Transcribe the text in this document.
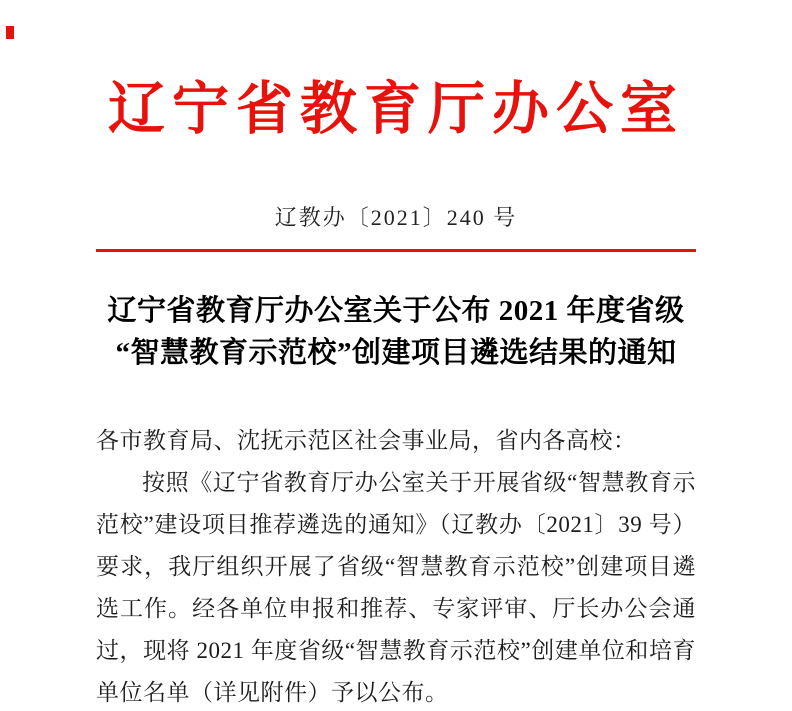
辽宁省教育厅办公室
辽教办〔2021〕240 号
辽宁省教育厅办公室关于公布 2021 年度省级
“智慧教育示范校”创建项目遴选结果的通知

各市教育局、沈抚示范区社会事业局，省内各高校：

按照《辽宁省教育厅办公室关于开展省级“智慧教育示范校”建设项目推荐遴选的通知》（辽教办〔2021〕39 号）要求，我厅组织开展了省级“智慧教育示范校”创建项目遴选工作。经各单位申报和推荐、专家评审、厅长办公会通过，现将 2021 年度省级“智慧教育示范校”创建单位和培育单位名单（详见附件）予以公布。
